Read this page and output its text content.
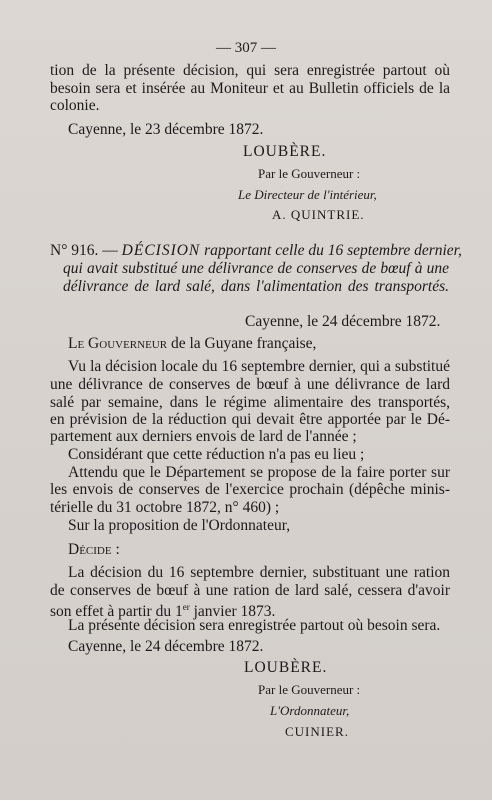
— 307 —
tion de la présente décision, qui sera enregistrée partout où
besoin sera et insérée au Moniteur et au Bulletin officiels de la
colonie.
Cayenne, le 23 décembre 1872.
LOUBÈRE.
Par le Gouverneur :
Le Directeur de l'intérieur,
A. QUINTRIE.
N° 916. — DÉCISION rapportant celle du 16 septembre dernier,
qui avait substitué une délivrance de conserves de bœuf à une
délivrance de lard salé, dans l'alimentation des transportés.
Cayenne, le 24 décembre 1872.
Le Gouverneur de la Guyane française,
Vu la décision locale du 16 septembre dernier, qui a substitué
une délivrance de conserves de bœuf à une délivrance de lard
salé par semaine, dans le régime alimentaire des transportés,
en prévision de la réduction qui devait être apportée par le Dé-
partement aux derniers envois de lard de l'année ;
Considérant que cette réduction n'a pas eu lieu ;
Attendu que le Département se propose de la faire porter sur
les envois de conserves de l'exercice prochain (dépêche minis-
térielle du 31 octobre 1872, n° 460) ;
Sur la proposition de l'Ordonnateur,
Décide :
La décision du 16 septembre dernier, substituant une ration
de conserves de bœuf à une ration de lard salé, cessera d'avoir
son effet à partir du 1er janvier 1873.
La présente décision sera enregistrée partout où besoin sera.
Cayenne, le 24 décembre 1872.
LOUBÈRE.
Par le Gouverneur :
L'Ordonnateur,
CUINIER.
